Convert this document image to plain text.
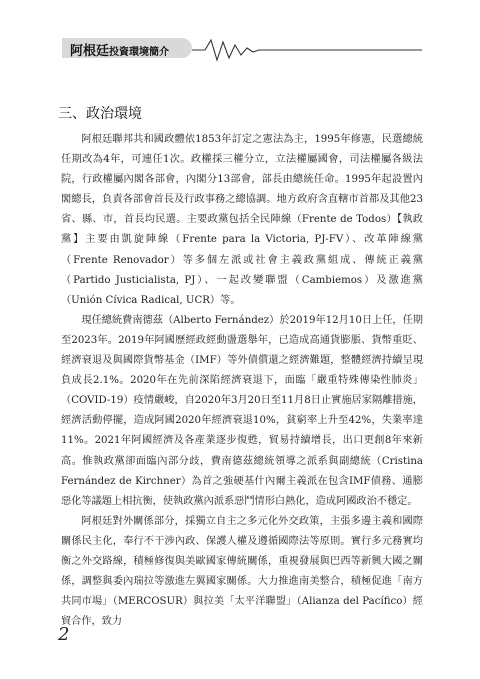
阿根廷投資環境簡介
三、政治環境

阿根廷聯邦共和國政體依1853年訂定之憲法為主，1995年修憲，民選總統任期改為4年，可連任1次。政權採三權分立，立法權屬國會，司法權屬各級法院，行政權屬內閣各部會，內閣分13部會，部長由總統任命。1995年起設置內閣總長，負責各部會首長及行政事務之總協調。地方政府含直轄市首都及其他23省、縣、市，首長均民選。主要政黨包括全民陣線（Frente de Todos）【執政黨】主要由凱旋陣線（Frente para la Victoria, PJ-FV）、改革陣線黨（Frente Renovador）等多個左派或社會主義政黨組成、傳統正義黨（Partido Justicialista, PJ）、一起改變聯盟（Cambiemos）及激進黨（Unión Cívica Radical, UCR）等。

現任總統費南德茲（Alberto Fernández）於2019年12月10日上任，任期至2023年。2019年阿國歷經政經動盪選舉年，已造成高通貨膨脹、貨幣重貶、經濟衰退及與國際貨幣基金（IMF）等外債償還之經濟難題，整體經濟持續呈現負成長2.1%。2020年在先前深陷經濟衰退下，面臨「嚴重特殊傳染性肺炎」（COVID-19）疫情嚴峻，自2020年3月20日至11月8日止實施居家隔離措施，經濟活動停擺，造成阿國2020年經濟衰退10%，貧窮率上升至42%，失業率達11%。2021年阿國經濟及各產業逐步復甦，貿易持續增長，出口更創8年來新高。惟執政黨卻面臨內部分歧，費南德茲總統領導之派系與副總統（Cristina Fernández de Kirchner）為首之強硬基什內爾主義派在包含IMF債務、通膨惡化等議題上相抗衡，使執政黨內派系惡鬥情形白熱化，造成阿國政治不穩定。

阿根廷對外關係部分，採獨立自主之多元化外交政策，主張多邊主義和國際關係民主化，奉行不干涉內政、保護人權及遵循國際法等原則。實行多元務實均衡之外交路線，積極修復與美歐國家傳統關係，重視發展與巴西等新興大國之關係，調整與委內瑞拉等激進左翼國家關係。大力推進南美整合，積極促進「南方共同市場」（MERCOSUR）與拉美「太平洋聯盟」（Alianza del Pacífico）經貿合作，致力

2
